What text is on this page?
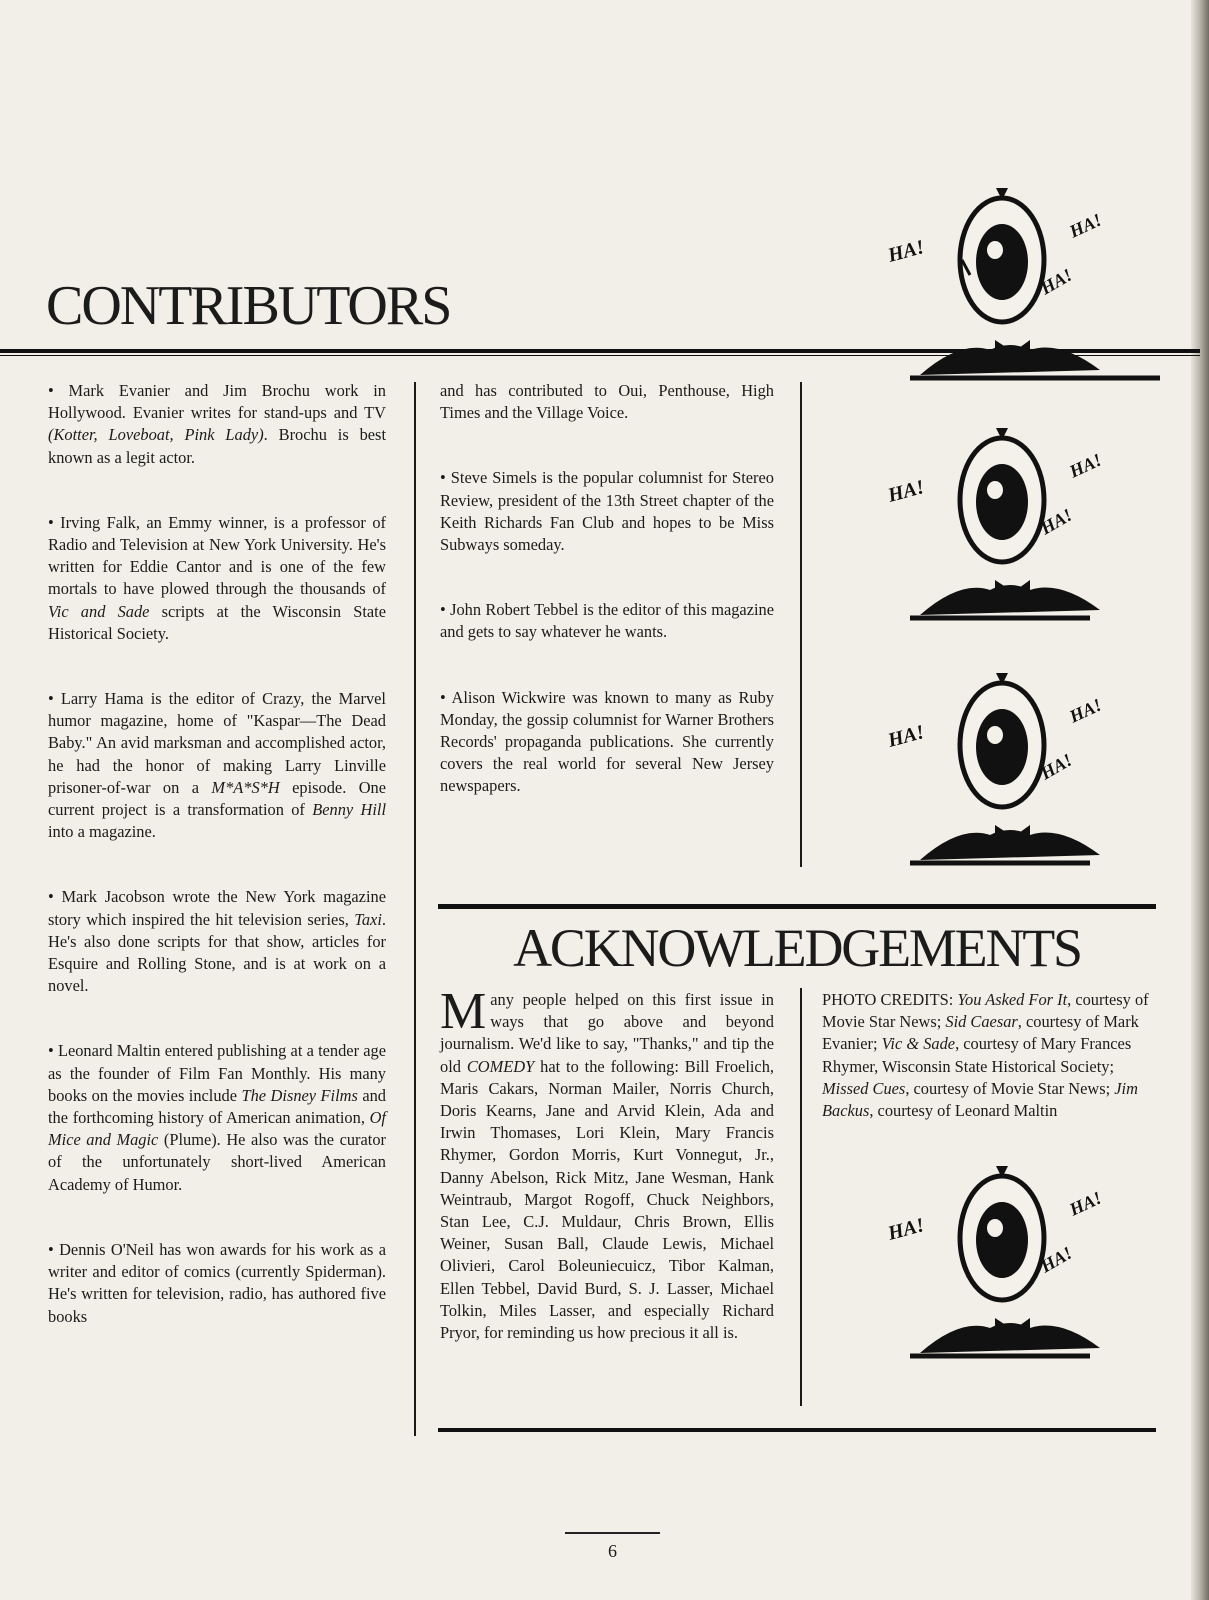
CONTRIBUTORS

• Mark Evanier and Jim Brochu work in Hollywood. Evanier writes for stand-ups and TV (Kotter, Loveboat, Pink Lady). Brochu is best known as a legit actor.

• Irving Falk, an Emmy winner, is a professor of Radio and Television at New York University. He's written for Eddie Cantor and is one of the few mortals to have plowed through the thousands of Vic and Sade scripts at the Wisconsin State Historical Society.

• Larry Hama is the editor of Crazy, the Marvel humor magazine, home of "Kaspar—The Dead Baby." An avid marksman and accomplished actor, he had the honor of making Larry Linville prisoner-of-war on a M*A*S*H episode. One current project is a transformation of Benny Hill into a magazine.

• Mark Jacobson wrote the New York magazine story which inspired the hit television series, Taxi. He's also done scripts for that show, articles for Esquire and Rolling Stone, and is at work on a novel.

• Leonard Maltin entered publishing at a tender age as the founder of Film Fan Monthly. His many books on the movies include The Disney Films and the forthcoming history of American animation, Of Mice and Magic (Plume). He also was the curator of the unfortunately short-lived American Academy of Humor.

• Dennis O'Neil has won awards for his work as a writer and editor of comics (currently Spiderman). He's written for television, radio, has authored five books

and has contributed to Oui, Penthouse, High Times and the Village Voice.

• Steve Simels is the popular columnist for Stereo Review, president of the 13th Street chapter of the Keith Richards Fan Club and hopes to be Miss Subways someday.

• John Robert Tebbel is the editor of this magazine and gets to say whatever he wants.

• Alison Wickwire was known to many as Ruby Monday, the gossip columnist for Warner Brothers Records' propaganda publications. She currently covers the real world for several New Jersey newspapers.

ACKNOWLEDGEMENTS

Many people helped on this first issue in ways that go above and beyond journalism. We'd like to say, "Thanks," and tip the old COMEDY hat to the following: Bill Froelich, Maris Cakars, Norman Mailer, Norris Church, Doris Kearns, Jane and Arvid Klein, Ada and Irwin Thomases, Lori Klein, Mary Francis Rhymer, Gordon Morris, Kurt Vonnegut, Jr., Danny Abelson, Rick Mitz, Jane Wesman, Hank Weintraub, Margot Rogoff, Chuck Neighbors, Stan Lee, C.J. Muldaur, Chris Brown, Ellis Weiner, Susan Ball, Claude Lewis, Michael Olivieri, Carol Boleuniecuicz, Tibor Kalman, Ellen Tebbel, David Burd, S. J. Lasser, Michael Tolkin, Miles Lasser, and especially Richard Pryor, for reminding us how precious it all is.

PHOTO CREDITS: You Asked For It, courtesy of Movie Star News; Sid Caesar, courtesy of Mark Evanier; Vic & Sade, courtesy of Mary Frances Rhymer, Wisconsin State Historical Society; Missed Cues, courtesy of Movie Star News; Jim Backus, courtesy of Leonard Maltin

HA!
HA!
HA!
HA!
HA!
HA!
HA!
HA!
HA!
HA!
HA!
HA!
6
